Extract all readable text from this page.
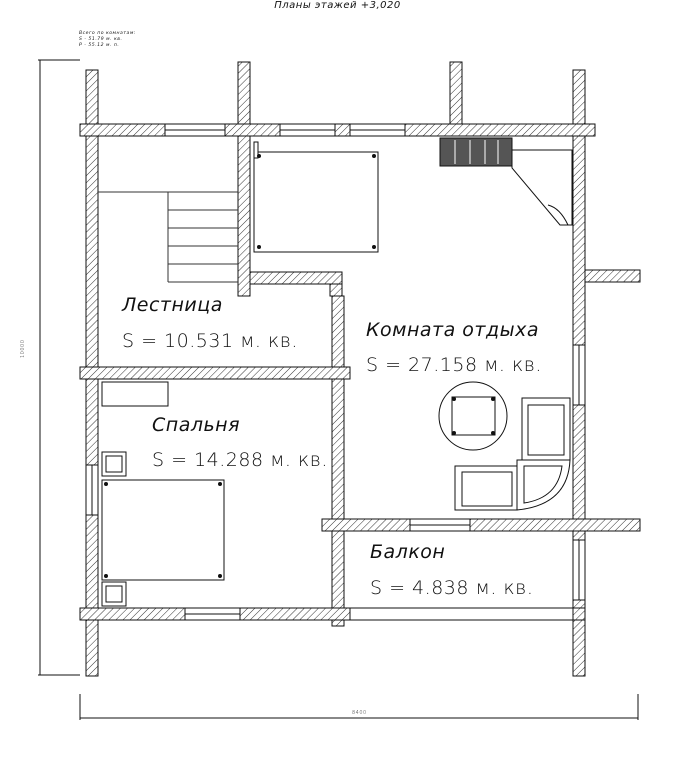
Планы этажей +3,020
Всего по комнатам:
S - 51.79 м. кв.
P - 55.12 м. п.
Лестница
S = 10.531 м. кв.	Комната отдыха
S = 27.158 м. кв.
Спальня
S = 14.288 м. кв.
Балкон
S = 4.838 м. кв.
10000
8400
